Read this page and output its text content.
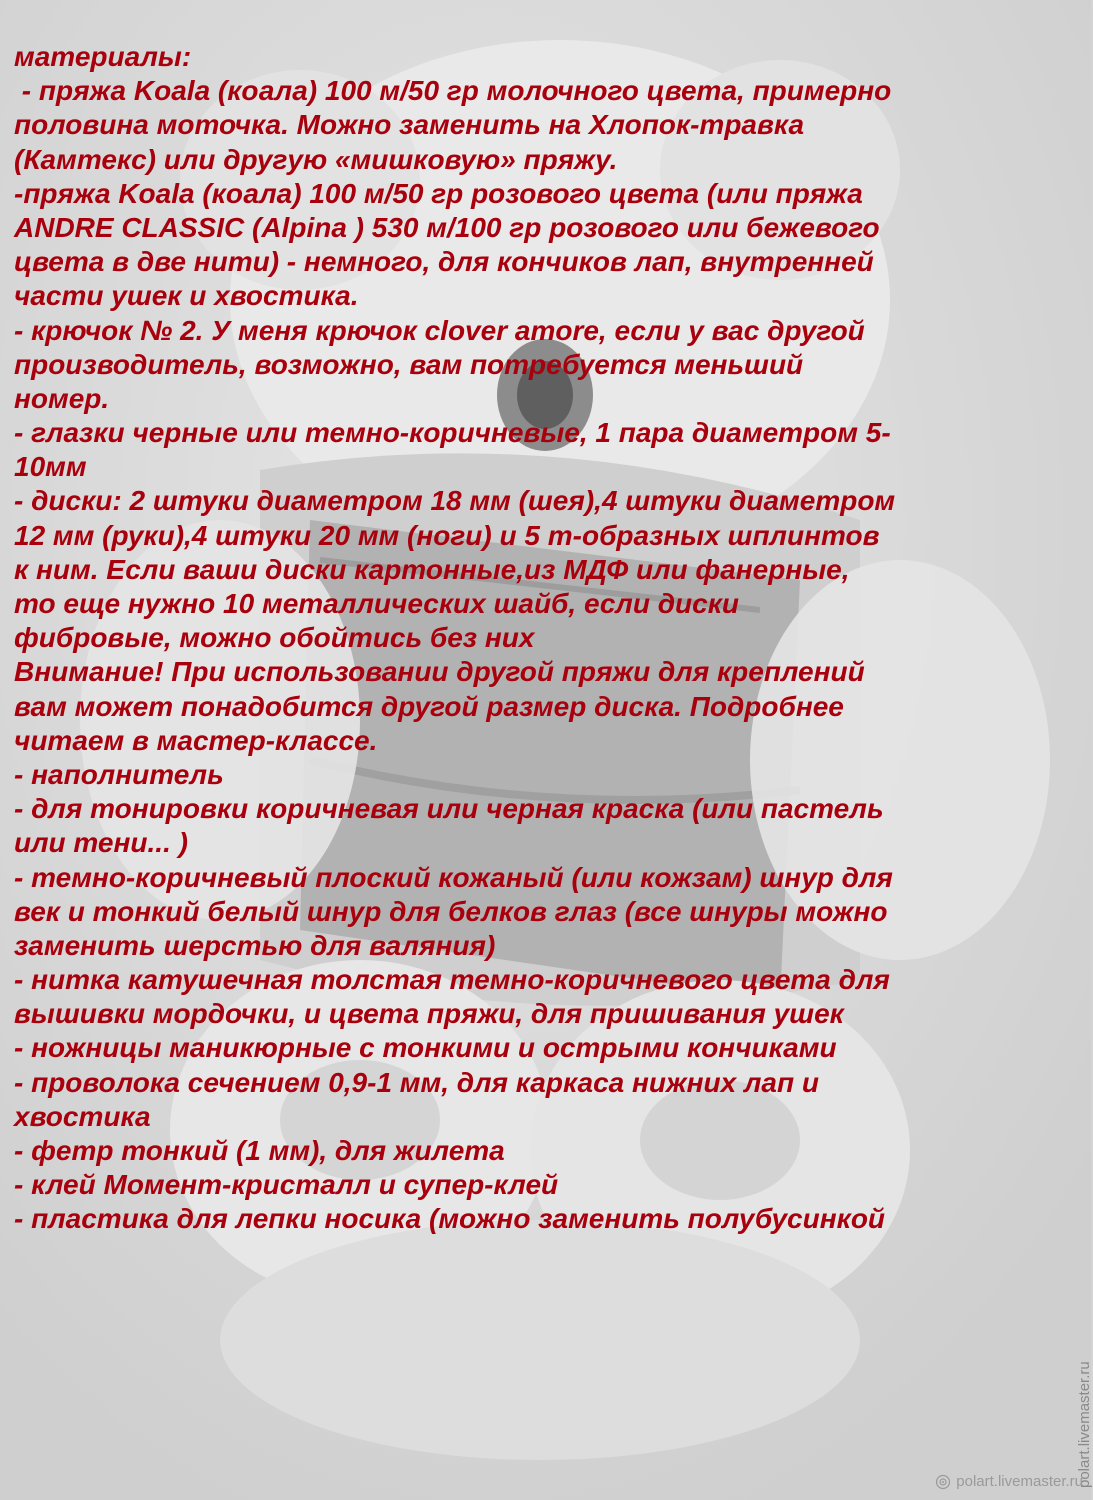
материалы:
- пряжа Koala (коала) 100 м/50 гр молочного цвета, примерно
половина моточка. Можно заменить на Хлопок-травка
(Камтекс) или другую «мишковую» пряжу.
-пряжа Koala (коала) 100 м/50 гр розового цвета (или пряжа
ANDRE CLASSIC (Alpina ) 530 м/100 гр розового или бежевого
цвета в две нити) - немного, для кончиков лап, внутренней
части ушек и хвостика.
- крючок № 2. У меня крючок clover amore, если у вас другой
производитель, возможно, вам потребуется меньший
номер.
- глазки черные или темно-коричневые, 1 пара диаметром 5-
10мм
- диски: 2 штуки диаметром 18 мм (шея),4 штуки диаметром
12 мм (руки),4 штуки 20 мм (ноги) и 5 т-образных шплинтов
к ним. Если ваши диски картонные,из МДФ или фанерные,
то еще нужно 10 металлических шайб, если диски
фибровые, можно обойтись без них
Внимание! При использовании другой пряжи для креплений
вам может понадобится другой размер диска. Подробнее
читаем в мастер-классе.
- наполнитель
- для тонировки коричневая или черная краска (или пастель
или тени... )
- темно-коричневый плоский кожаный (или кожзам) шнур для
век и тонкий белый шнур для белков глаз (все шнуры можно
заменить шерстью для валяния)
- нитка катушечная толстая темно-коричневого цвета для
вышивки мордочки, и цвета пряжи, для пришивания ушек
- ножницы маникюрные с тонкими и острыми кончиками
- проволока сечением 0,9-1 мм, для каркаса нижних лап и
хвостика
- фетр тонкий (1 мм), для жилета
- клей Момент-кристалл и супер-клей
- пластика для лепки носика (можно заменить полубусинкой
polart.livemaster.ru
polart.livemaster.ru
